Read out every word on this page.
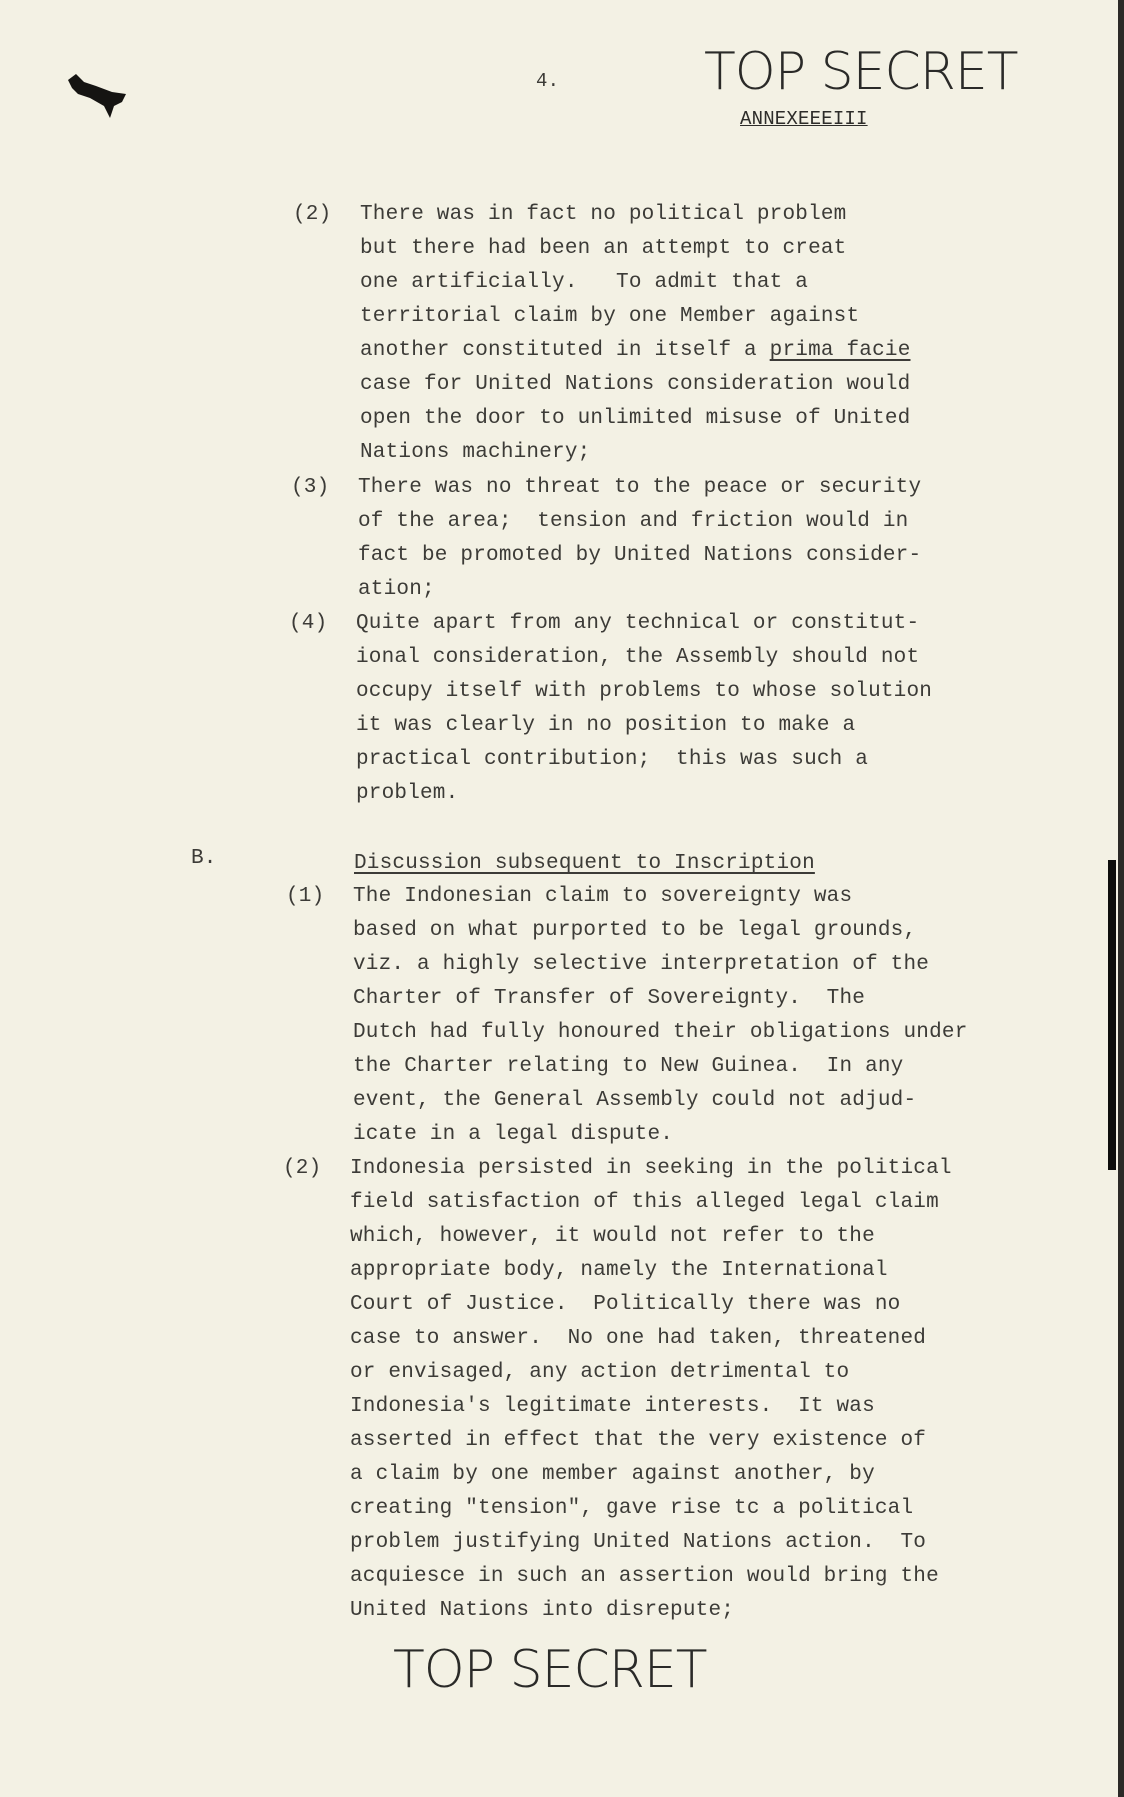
4.	TOP SECRET
ANNEXEEEIII
(2) There was in fact no political problem
but there had been an attempt to creat
one artificially.   To admit that a
territorial claim by one Member against
another constituted in itself a prima facie
case for United Nations consideration would
open the door to unlimited misuse of United
Nations machinery;
(3) There was no threat to the peace or security
of the area;  tension and friction would in
fact be promoted by United Nations consider-
ation;
(4) Quite apart from any technical or constitut-
ional consideration, the Assembly should not
occupy itself with problems to whose solution
it was clearly in no position to make a
practical contribution;  this was such a
problem.
B.	Discussion subsequent to Inscription
(1) The Indonesian claim to sovereignty was
based on what purported to be legal grounds,
viz. a highly selective interpretation of the
Charter of Transfer of Sovereignty.  The
Dutch had fully honoured their obligations under
the Charter relating to New Guinea.  In any
event, the General Assembly could not adjud-
icate in a legal dispute.
(2) Indonesia persisted in seeking in the political
field satisfaction of this alleged legal claim
which, however, it would not refer to the
appropriate body, namely the International
Court of Justice.  Politically there was no
case to answer.  No one had taken, threatened
or envisaged, any action detrimental to
Indonesia's legitimate interests.  It was
asserted in effect that the very existence of
a claim by one member against another, by
creating "tension", gave rise tc a political
problem justifying United Nations action.  To
acquiesce in such an assertion would bring the
United Nations into disrepute;
TOP SECRET
